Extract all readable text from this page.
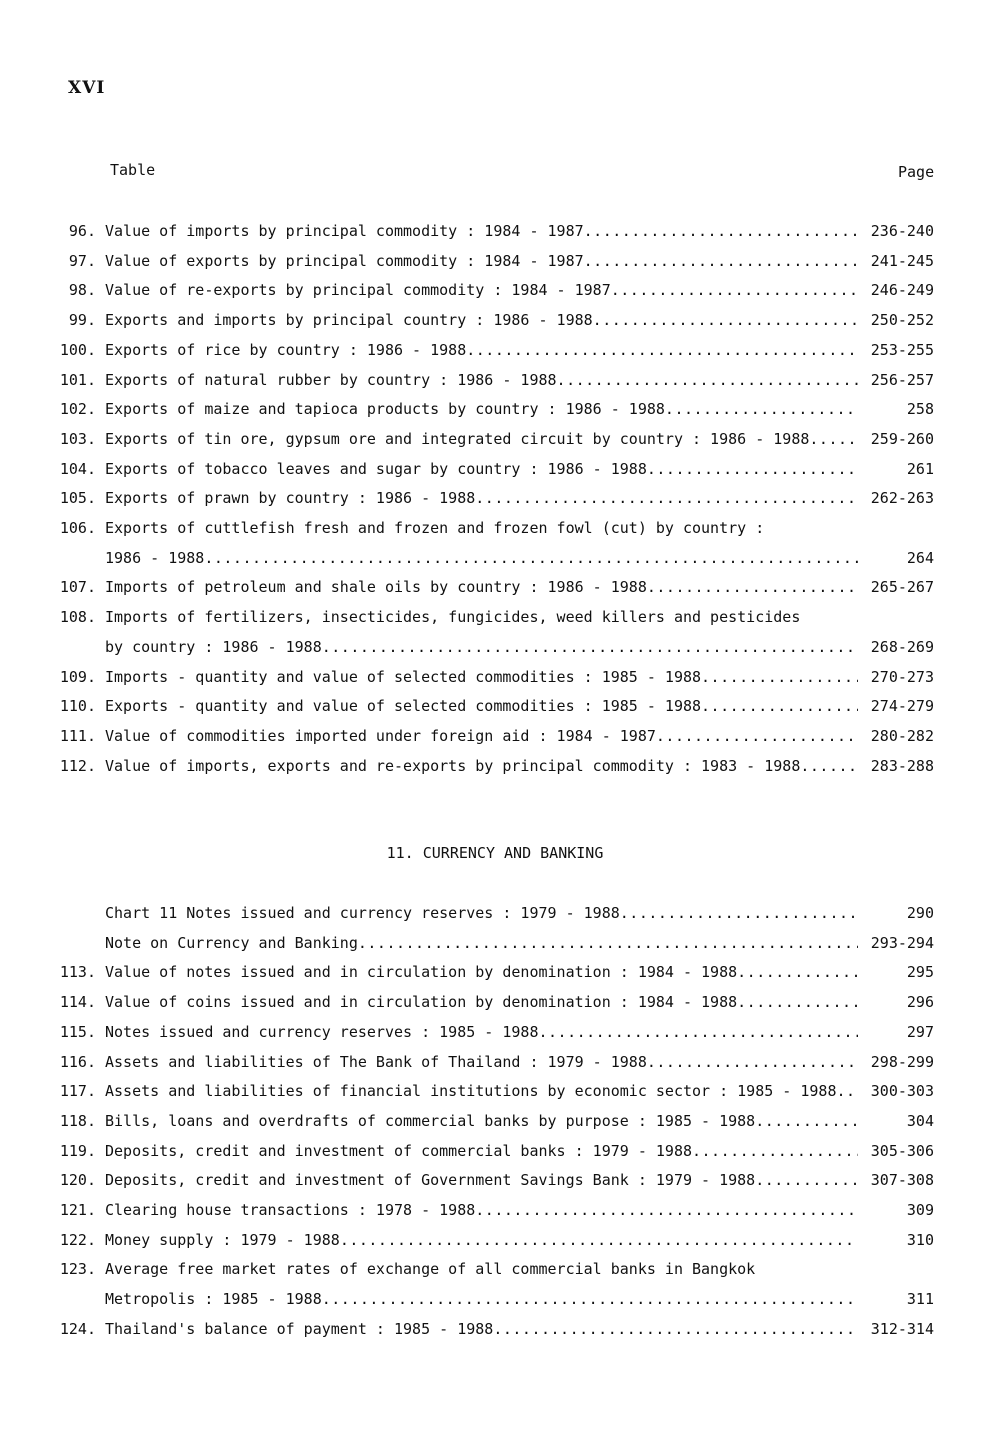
XVI
Table	Page
96. Value of imports by principal commodity : 1984 - 1987 .....	236-240
97. Value of exports by principal commodity : 1984 - 1987 .....	241-245
98. Value of re-exports by principal commodity : 1984 - 1987 .....	246-249
99. Exports and imports by principal country : 1986 - 1988 .....	250-252
100. Exports of rice by country : 1986 - 1988 .....	253-255
101. Exports of natural rubber by country : 1986 - 1988 .....	256-257
102. Exports of maize and tapioca products by country : 1986 - 1988 .....	258
103. Exports of tin ore, gypsum ore and integrated circuit by country : 1986 - 1988 .....	259-260
104. Exports of tobacco leaves and sugar by country : 1986 - 1988 .....	261
105. Exports of prawn by country : 1986 - 1988 .....	262-263
106. Exports of cuttlefish fresh and frozen and frozen fowl (cut) by country :
1986 - 1988 .....	264
107. Imports of petroleum and shale oils by country : 1986 - 1988 .....	265-267
108. Imports of fertilizers, insecticides, fungicides, weed killers and pesticides
by country : 1986 - 1988 .....	268-269
109. Imports - quantity and value of selected commodities : 1985 - 1988 .....	270-273
110. Exports - quantity and value of selected commodities : 1985 - 1988 .....	274-279
111. Value of commodities imported under foreign aid : 1984 - 1987 .....	280-282
112. Value of imports, exports and re-exports by principal commodity : 1983 - 1988 .....	283-288
11. CURRENCY AND BANKING
Chart 11 Notes issued and currency reserves : 1979 - 1988 .....	290
Note on Currency and Banking .....	293-294
113. Value of notes issued and in circulation by denomination : 1984 - 1988 .....	295
114. Value of coins issued and in circulation by denomination : 1984 - 1988 .....	296
115. Notes issued and currency reserves : 1985 - 1988 .....	297
116. Assets and liabilities of The Bank of Thailand : 1979 - 1988 .....	298-299
117. Assets and liabilities of financial institutions by economic sector : 1985 - 1988 ..... 300-303
118. Bills, loans and overdrafts of commercial banks by purpose : 1985 - 1988 .....	304
119. Deposits, credit and investment of commercial banks : 1979 - 1988 .....	305-306
120. Deposits, credit and investment of Government Savings Bank : 1979 - 1988 .....	307-308
121. Clearing house transactions : 1978 - 1988 .....	309
122. Money supply : 1979 - 1988 .....	310
123. Average free market rates of exchange of all commercial banks in Bangkok
Metropolis : 1985 - 1988 .....	311
124. Thailand's balance of payment : 1985 - 1988 .....	312-314
